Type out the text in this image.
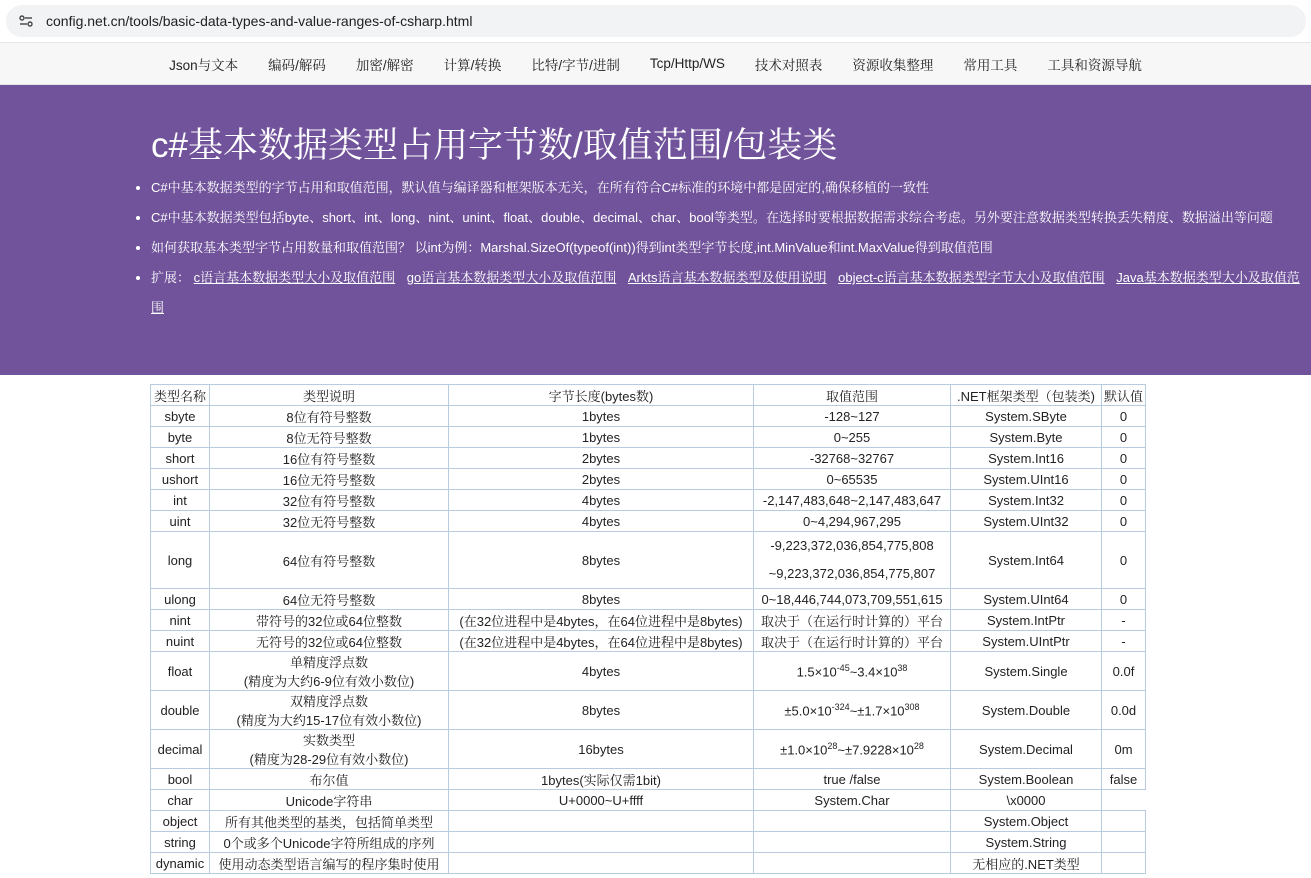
config.net.cn/tools/basic-data-types-and-value-ranges-of-csharp.html
Json与文本	编码/解码	加密/解密	计算/转换	比特/字节/进制	Tcp/Http/WS	技术对照表	资源收集整理	常用工具	工具和资源导航
c#基本数据类型占用字节数/取值范围/包装类
• C#中基本数据类型的字节占用和取值范围，默认值与编译器和框架版本无关，在所有符合C#标准的环境中都是固定的,确保移植的一致性
• C#中基本数据类型包括byte、short、int、long、nint、unint、float、double、decimal、char、bool等类型。在选择时要根据数据需求综合考虑。另外要注意数据类型转换丢失精度、数据溢出等问题
• 如何获取基本类型字节占用数量和取值范围？ 以int为例：Marshal.SizeOf(typeof(int))得到int类型字节长度,int.MinValue和int.MaxValue得到取值范围
• 扩展： c语言基本数据类型大小及取值范围 go语言基本数据类型大小及取值范围 Arkts语言基本数据类型及使用说明 object-c语言基本数据类型字节大小及取值范围 Java基本数据类型大小及取值范围
类型名称	类型说明	字节长度(bytes数)	取值范围	.NET框架类型（包装类)	默认值
sbyte	8位有符号整数	1bytes	-128~127	System.SByte	0
byte	8位无符号整数	1bytes	0~255	System.Byte	0
short	16位有符号整数	2bytes	-32768~32767	System.Int16	0
ushort	16位无符号整数	2bytes	0~65535	System.UInt16	0
int	32位有符号整数	4bytes	-2,147,483,648~2,147,483,647	System.Int32	0
uint	32位无符号整数	4bytes	0~4,294,967,295	System.UInt32	0
long	64位有符号整数	8bytes	-9,223,372,036,854,775,808
~9,223,372,036,854,775,807	System.Int64	0
ulong	64位无符号整数	8bytes	0~18,446,744,073,709,551,615	System.UInt64	0
nint	带符号的32位或64位整数	(在32位进程中是4bytes，在64位进程中是8bytes)	取决于（在运行时计算的）平台	System.IntPtr	-
nuint	无符号的32位或64位整数	(在32位进程中是4bytes，在64位进程中是8bytes)	取决于（在运行时计算的）平台	System.UIntPtr	-
float	单精度浮点数
(精度为大约6-9位有效小数位)	4bytes	$1.5\times 10^{-45}\sim 3.4\times 10^{38}$	System.Single	0.0f
double	双精度浮点数
(精度为大约15-17位有效小数位)	8bytes	$\pm 5.0\times 10^{-324}\sim\pm 1.7\times 10^{308}$	System.Double	0.0d
decimal	实数类型
(精度为28-29位有效小数位)	16bytes	$\pm 1.0\times 10^{28}\sim\pm 7.9228\times 10^{28}$	System.Decimal	0m
bool	布尔值	1bytes(实际仅需1bit)	true /false	System.Boolean	false
char	Unicode字符串	U+0000~U+ffff	System.Char	\x0000	
object	所有其他类型的基类，包括简单类型			System.Object	
string	0个或多个Unicode字符所组成的序列			System.String	
dynamic	使用动态类型语言编写的程序集时使用			无相应的.NET类型	
